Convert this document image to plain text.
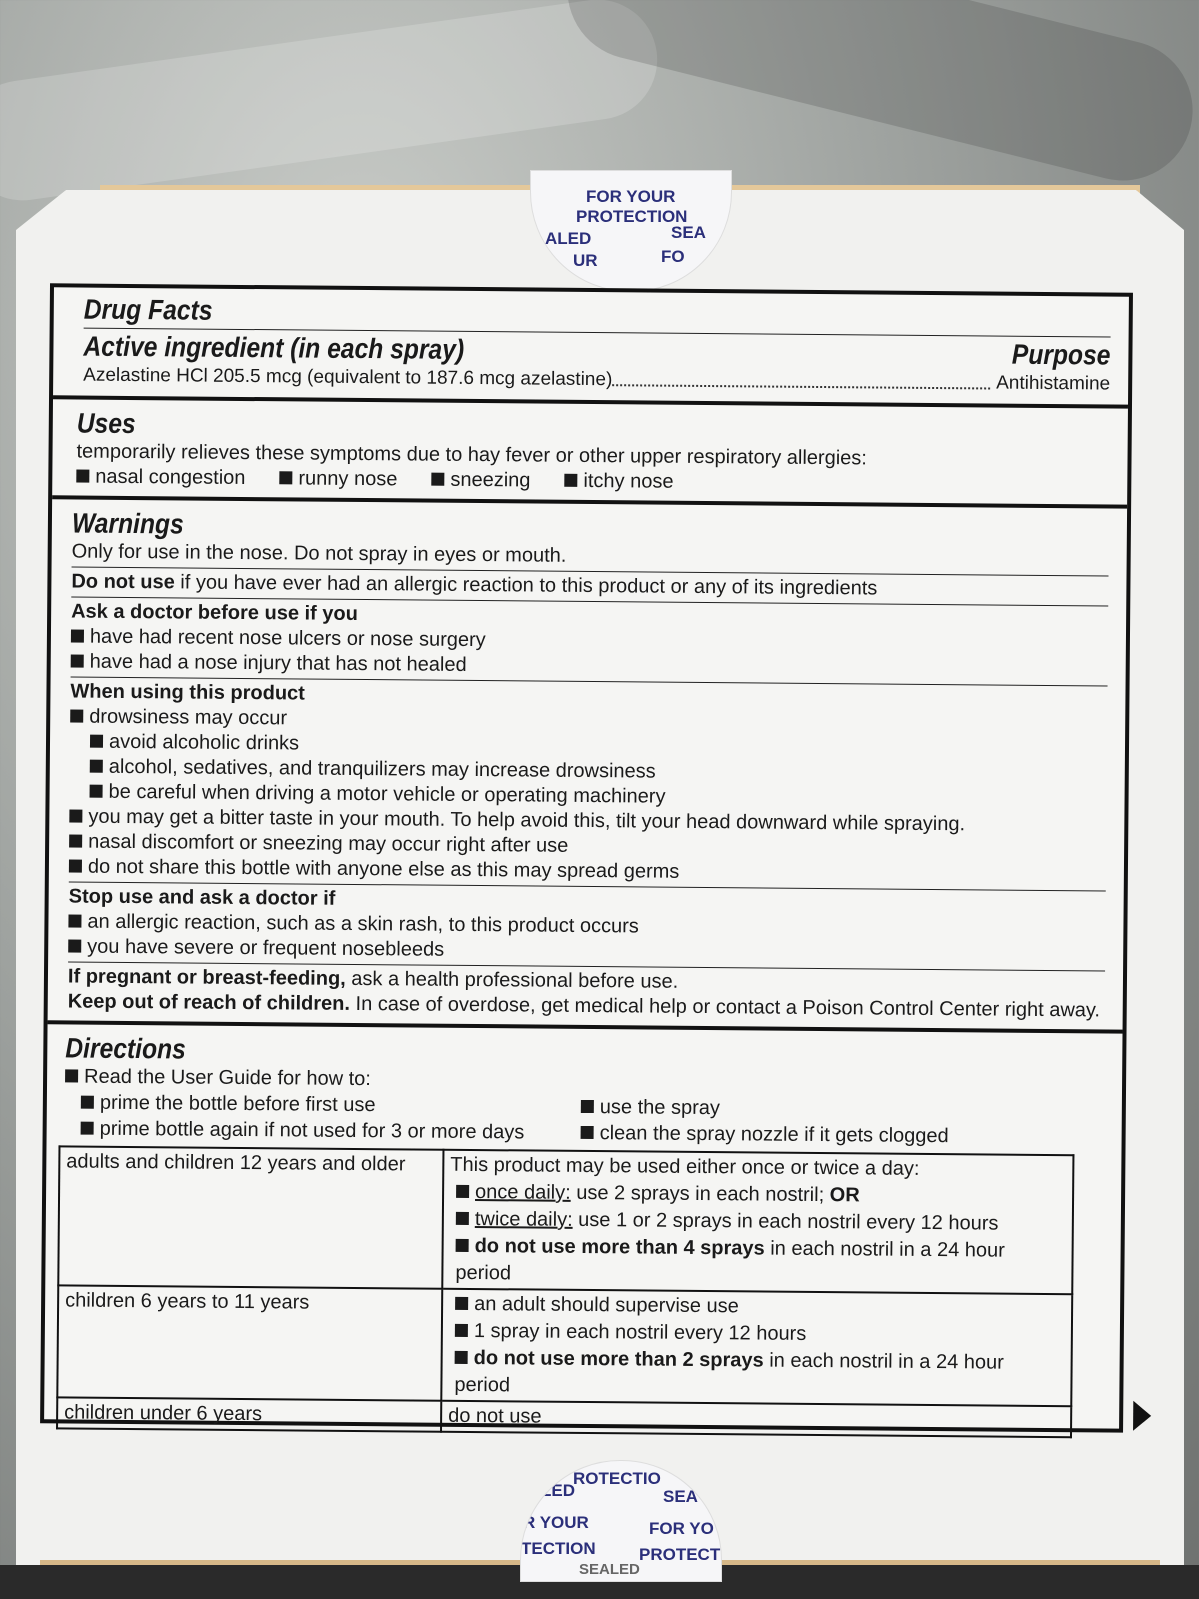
FOR YOUR
PROTECTION
ALED	SEA
UR	FO
ROTECTIO
LED	SEA
R YOUR	FOR YO
TECTION	PROTECT
SEALED
Drug Facts
Active ingredient (in each spray)	Purpose
Azelastine HCl 205.5 mcg (equivalent to 187.6 mcg azelastine)	Antihistamine
Uses
temporarily relieves these symptoms due to hay fever or other upper respiratory allergies:
nasal congestion	runny nose	sneezing	itchy nose
Warnings
Only for use in the nose. Do not spray in eyes or mouth.
Do not use if you have ever had an allergic reaction to this product or any of its ingredients
Ask a doctor before use if you
have had recent nose ulcers or nose surgery
have had a nose injury that has not healed
When using this product
drowsiness may occur
avoid alcoholic drinks
alcohol, sedatives, and tranquilizers may increase drowsiness
be careful when driving a motor vehicle or operating machinery
you may get a bitter taste in your mouth. To help avoid this, tilt your head downward while spraying.
nasal discomfort or sneezing may occur right after use
do not share this bottle with anyone else as this may spread germs
Stop use and ask a doctor if
an allergic reaction, such as a skin rash, to this product occurs
you have severe or frequent nosebleeds
If pregnant or breast-feeding, ask a health professional before use.
Keep out of reach of children. In case of overdose, get medical help or contact a Poison Control Center right away.
Directions
Read the User Guide for how to:
prime the bottle before first use	use the spray
prime bottle again if not used for 3 or more days	clean the spray nozzle if it gets clogged
adults and children 12 years and older	This product may be used either once or twice a day:
once daily: use 2 sprays in each nostril; OR
twice daily: use 1 or 2 sprays in each nostril every 12 hours
do not use more than 4 sprays in each nostril in a 24 hour period

children 6 years to 11 years	an adult should supervise use
1 spray in each nostril every 12 hours
do not use more than 2 sprays in each nostril in a 24 hour period

children under 6 years	do not use
